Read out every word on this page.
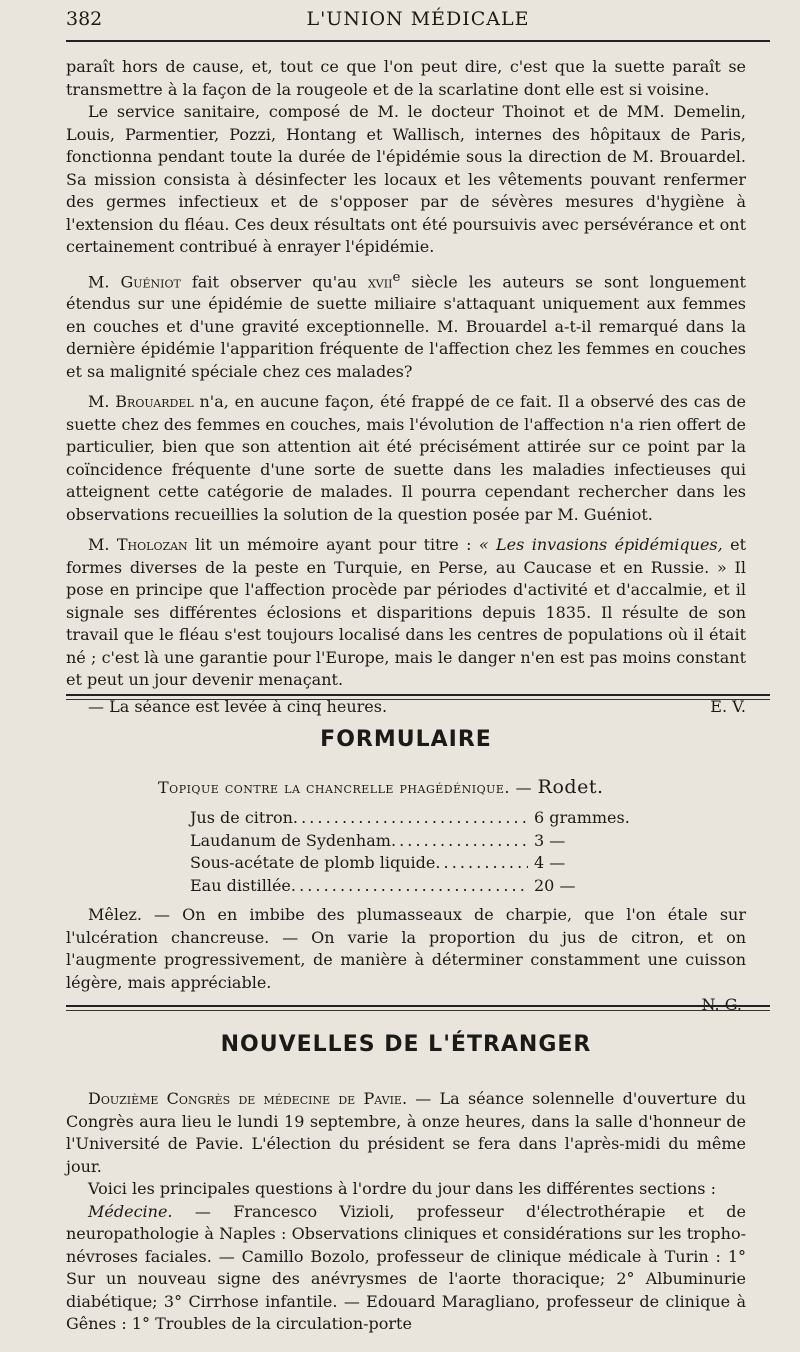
382	L'UNION MÉDICALE

paraît hors de cause, et, tout ce que l'on peut dire, c'est que la suette paraît se transmettre à la façon de la rougeole et de la scarlatine dont elle est si voisine.

Le service sanitaire, composé de M. le docteur Thoinot et de MM. Demelin, Louis, Parmentier, Pozzi, Hontang et Wallisch, internes des hôpitaux de Paris, fonctionna pendant toute la durée de l'épidémie sous la direction de M. Brouardel. Sa mission consista à désinfecter les locaux et les vêtements pouvant renfermer des germes infectieux et de s'opposer par de sévères mesures d'hygiène à l'extension du fléau. Ces deux résultats ont été poursuivis avec persévérance et ont certainement contribué à enrayer l'épidémie.

M. Guéniot fait observer qu'au xvii$^e$ siècle les auteurs se sont longuement étendus sur une épidémie de suette miliaire s'attaquant uniquement aux femmes en couches et d'une gravité exceptionnelle. M. Brouardel a-t-il remarqué dans la dernière épidémie l'apparition fréquente de l'affection chez les femmes en couches et sa malignité spéciale chez ces malades?

M. Brouardel n'a, en aucune façon, été frappé de ce fait. Il a observé des cas de suette chez des femmes en couches, mais l'évolution de l'affection n'a rien offert de particulier, bien que son attention ait été précisément attirée sur ce point par la coïncidence fréquente d'une sorte de suette dans les maladies infectieuses qui atteignent cette catégorie de malades. Il pourra cependant rechercher dans les observations recueillies la solution de la question posée par M. Guéniot.

M. Tholozan lit un mémoire ayant pour titre : « Les invasions épidémiques, et formes diverses de la peste en Turquie, en Perse, au Caucase et en Russie. » Il pose en principe que l'affection procède par périodes d'activité et d'accalmie, et il signale ses différentes éclosions et disparitions depuis 1835. Il résulte de son travail que le fléau s'est toujours localisé dans les centres de populations où il était né ; c'est là une garantie pour l'Europe, mais le danger n'en est pas moins constant et peut un jour devenir menaçant.

— La séance est levée à cinq heures.	E. V.
FORMULAIRE
Topique contre la chancrelle phagédénique. — Rodet.
Jus de citron . . .	6 grammes.
Laudanum de Sydenham . . .	3 —
Sous-acétate de plomb liquide . . .	4 —
Eau distillée . . .	20 —

Mêlez. — On en imbibe des plumasseaux de charpie, que l'on étale sur l'ulcération chancreuse. — On varie la proportion du jus de citron, et on l'augmente progressivement, de manière à déterminer constamment une cuisson légère, mais appréciable.

N. G.
NOUVELLES DE L'ÉTRANGER

Douzième Congrès de médecine de Pavie. — La séance solennelle d'ouverture du Congrès aura lieu le lundi 19 septembre, à onze heures, dans la salle d'honneur de l'Université de Pavie. L'élection du président se fera dans l'après-midi du même jour.

Voici les principales questions à l'ordre du jour dans les différentes sections :

Médecine. — Francesco Vizioli, professeur d'électrothérapie et de neuropathologie à Naples : Observations cliniques et considérations sur les tropho-névroses faciales. — Camillo Bozolo, professeur de clinique médicale à Turin : 1° Sur un nouveau signe des anévrysmes de l'aorte thoracique; 2° Albuminurie diabétique; 3° Cirrhose infantile. — Edouard Maragliano, professeur de clinique à Gênes : 1° Troubles de la circulation-porte
